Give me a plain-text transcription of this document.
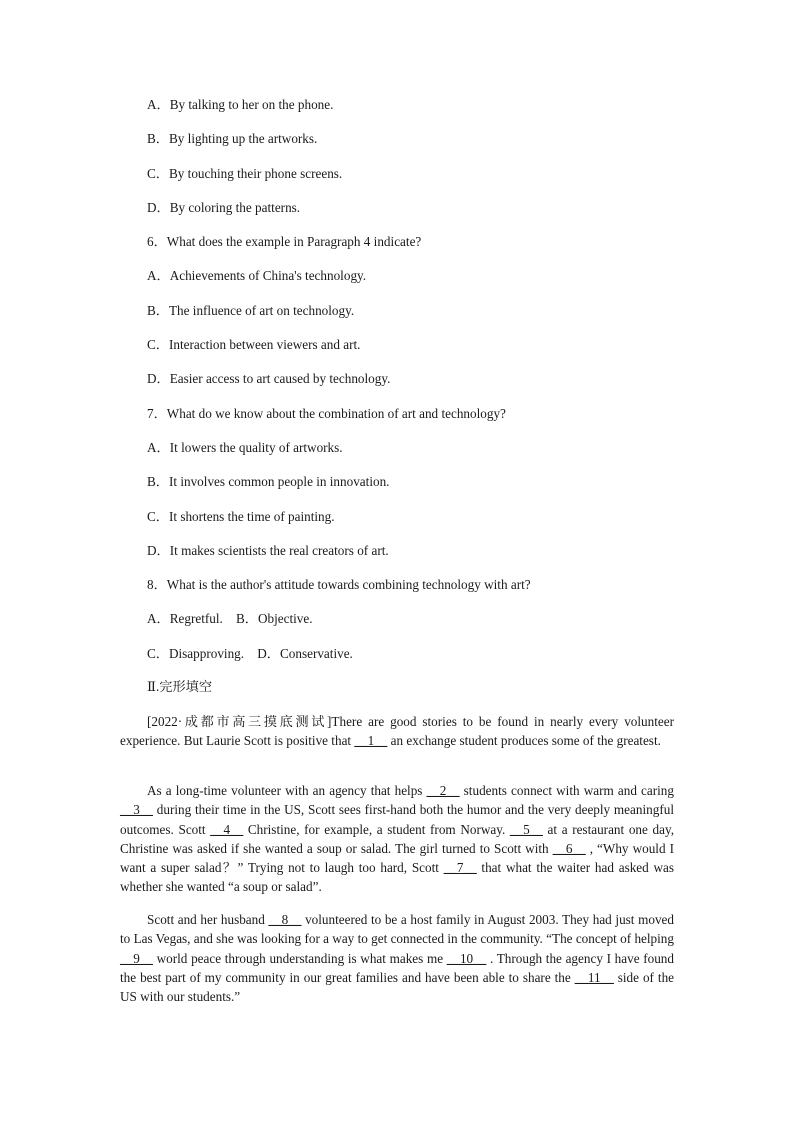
A．By talking to her on the phone.
B．By lighting up the artworks.
C．By touching their phone screens.
D．By coloring the patterns.
6．What does the example in Paragraph 4 indicate?
A．Achievements of China's technology.
B．The influence of art on technology.
C．Interaction between viewers and art.
D．Easier access to art caused by technology.
7．What do we know about the combination of art and technology?
A．It lowers the quality of artworks.
B．It involves common people in innovation.
C．It shortens the time of painting.
D．It makes scientists the real creators of art.
8．What is the author's attitude towards combining technology with art?
A．Regretful.    B．Objective.
C．Disapproving.    D．Conservative.
Ⅱ.完形填空

[2022·成都市高三摸底测试]There are good stories to be found in nearly every volunteer experience. But Laurie Scott is positive that __1__ an exchange student produces some of the greatest.

As a long-time volunteer with an agency that helps __2__ students connect with warm and caring __3__ during their time in the US, Scott sees first-hand both the humor and the very deeply meaningful outcomes. Scott __4__ Christine, for example, a student from Norway. __5__ at a restaurant one day, Christine was asked if she wanted a soup or salad. The girl turned to Scott with __6__ , “Why would I want a super salad？” Trying not to laugh too hard, Scott __7__ that what the waiter had asked was whether she wanted “a soup or salad”.

Scott and her husband __8__ volunteered to be a host family in August 2003. They had just moved to Las Vegas, and she was looking for a way to get connected in the community. “The concept of helping __9__ world peace through understanding is what makes me __10__ . Through the agency I have found the best part of my community in our great families and have been able to share the __11__ side of the US with our students.”
